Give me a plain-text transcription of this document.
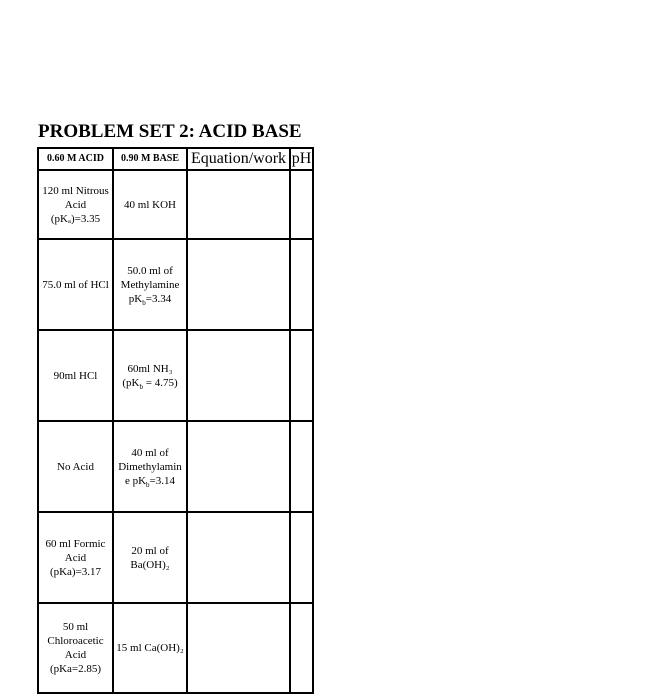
PROBLEM SET 2: ACID BASE
0.60 M ACID	0.90 M BASE	Equation/work	pH

120 ml Nitrous
Acid
(pKₐ)=3.35	40 ml KOH		

75.0 ml of HCl	50.0 ml of
Methylamine
$pK_b=3.34$		

90ml HCl	60ml NH₃
$(pK_b = 4.75)$		

No Acid	40 ml of
Dimethylamin
e $pK_b=3.14$		

60 ml Formic
Acid
(pKa)=3.17	20 ml of
Ba(OH)₂		

50 ml
Chloroacetic
Acid
(pKa=2.85)	15 ml Ca(OH)₂		
